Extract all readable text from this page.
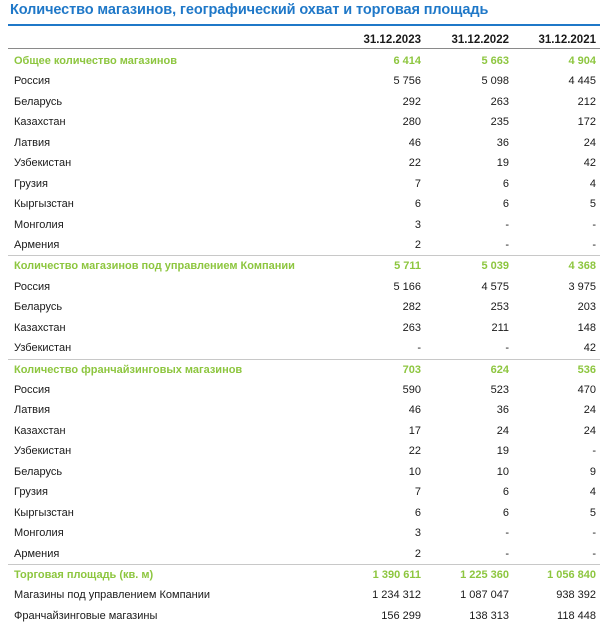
Количество магазинов, географический охват и торговая площадь
31.12.2023	31.12.2022	31.12.2021
Общее количество магазинов	6 414	5 663	4 904
Россия	5 756	5 098	4 445
Беларусь	292	263	212
Казахстан	280	235	172
Латвия	46	36	24
Узбекистан	22	19	42
Грузия	7	6	4
Кыргызстан	6	6	5
Монголия	3	-	-
Армения	2	-	-
Количество магазинов под управлением Компании	5 711	5 039	4 368
Россия	5 166	4 575	3 975
Беларусь	282	253	203
Казахстан	263	211	148
Узбекистан	-	-	42
Количество франчайзинговых магазинов	703	624	536
Россия	590	523	470
Латвия	46	36	24
Казахстан	17	24	24
Узбекистан	22	19	-
Беларусь	10	10	9
Грузия	7	6	4
Кыргызстан	6	6	5
Монголия	3	-	-
Армения	2	-	-
Торговая площадь (кв. м)	1 390 611	1 225 360	1 056 840
Магазины под управлением Компании	1 234 312	1 087 047	938 392
Франчайзинговые магазины	156 299	138 313	118 448
